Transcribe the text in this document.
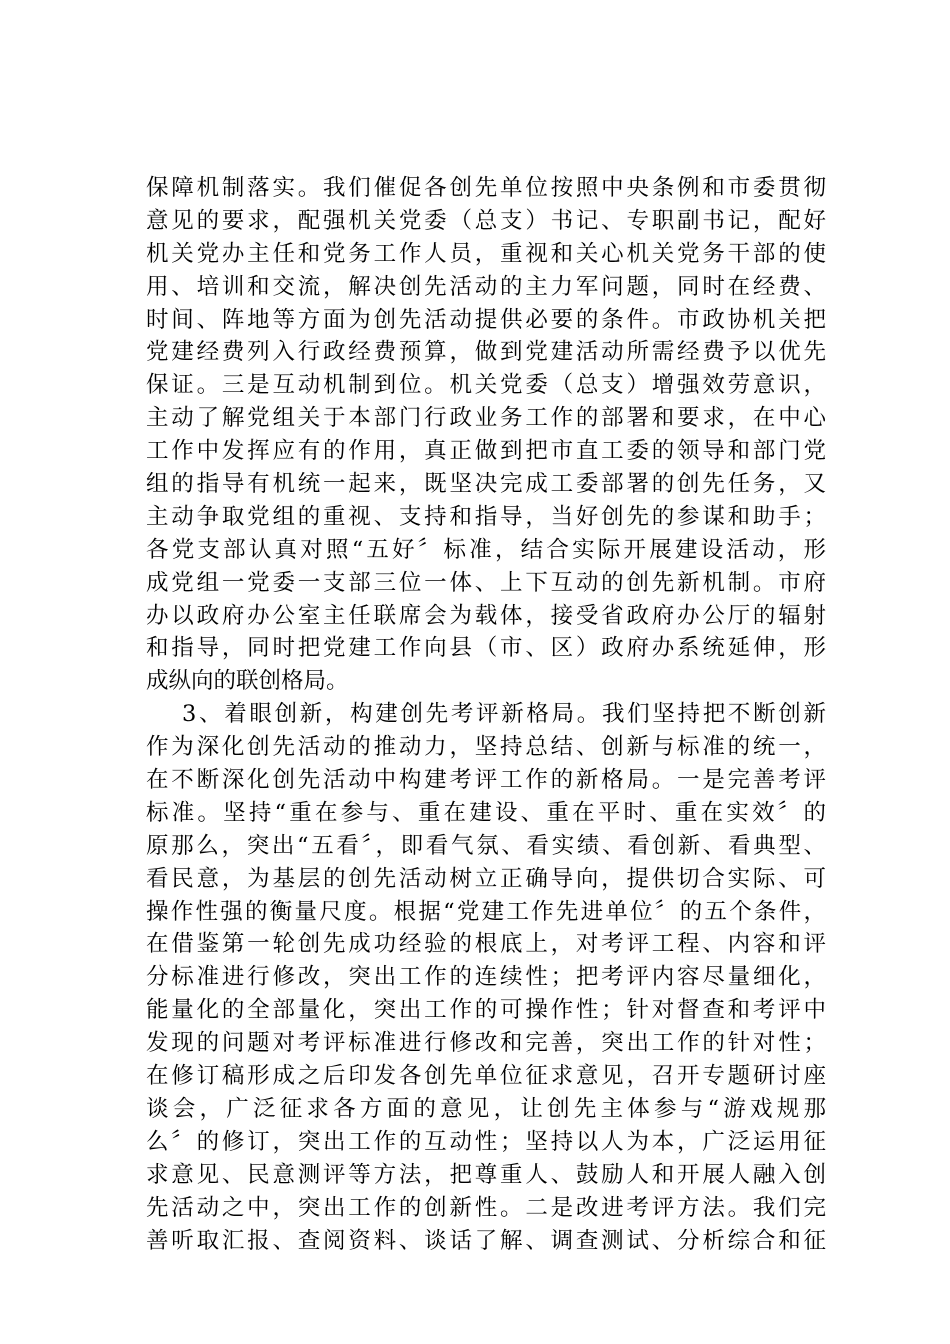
保障机制落实。我们催促各创先单位按照中央条例和市委贯彻
意见的要求，配强机关党委（总支）书记、专职副书记，配好
机关党办主任和党务工作人员，重视和关心机关党务干部的使
用、培训和交流，解决创先活动的主力军问题，同时在经费、
时间、阵地等方面为创先活动提供必要的条件。市政协机关把
党建经费列入行政经费预算，做到党建活动所需经费予以优先
保证。三是互动机制到位。机关党委（总支）增强效劳意识，
主动了解党组关于本部门行政业务工作的部署和要求，在中心
工作中发挥应有的作用，真正做到把市直工委的领导和部门党
组的指导有机统一起来，既坚决完成工委部署的创先任务，又
主动争取党组的重视、支持和指导，当好创先的参谋和助手；
各党支部认真对照“五好〞标准，结合实际开展建设活动，形
成党组一党委一支部三位一体、上下互动的创先新机制。市府
办以政府办公室主任联席会为载体，接受省政府办公厅的辐射
和指导，同时把党建工作向县（市、区）政府办系统延伸，形
成纵向的联创格局。
3、着眼创新，构建创先考评新格局。我们坚持把不断创新
作为深化创先活动的推动力，坚持总结、创新与标准的统一，
在不断深化创先活动中构建考评工作的新格局。一是完善考评
标准。坚持“重在参与、重在建设、重在平时、重在实效〞的
原那么，突出“五看〞，即看气氛、看实绩、看创新、看典型、
看民意，为基层的创先活动树立正确导向，提供切合实际、可
操作性强的衡量尺度。根据“党建工作先进单位〞的五个条件，
在借鉴第一轮创先成功经验的根底上，对考评工程、内容和评
分标准进行修改，突出工作的连续性；把考评内容尽量细化，
能量化的全部量化，突出工作的可操作性；针对督查和考评中
发现的问题对考评标准进行修改和完善，突出工作的针对性；
在修订稿形成之后印发各创先单位征求意见，召开专题研讨座
谈会，广泛征求各方面的意见，让创先主体参与“游戏规那
么〞的修订，突出工作的互动性；坚持以人为本，广泛运用征
求意见、民意测评等方法，把尊重人、鼓励人和开展人融入创
先活动之中，突出工作的创新性。二是改进考评方法。我们完
善听取汇报、查阅资料、谈话了解、调查测试、分析综合和征
